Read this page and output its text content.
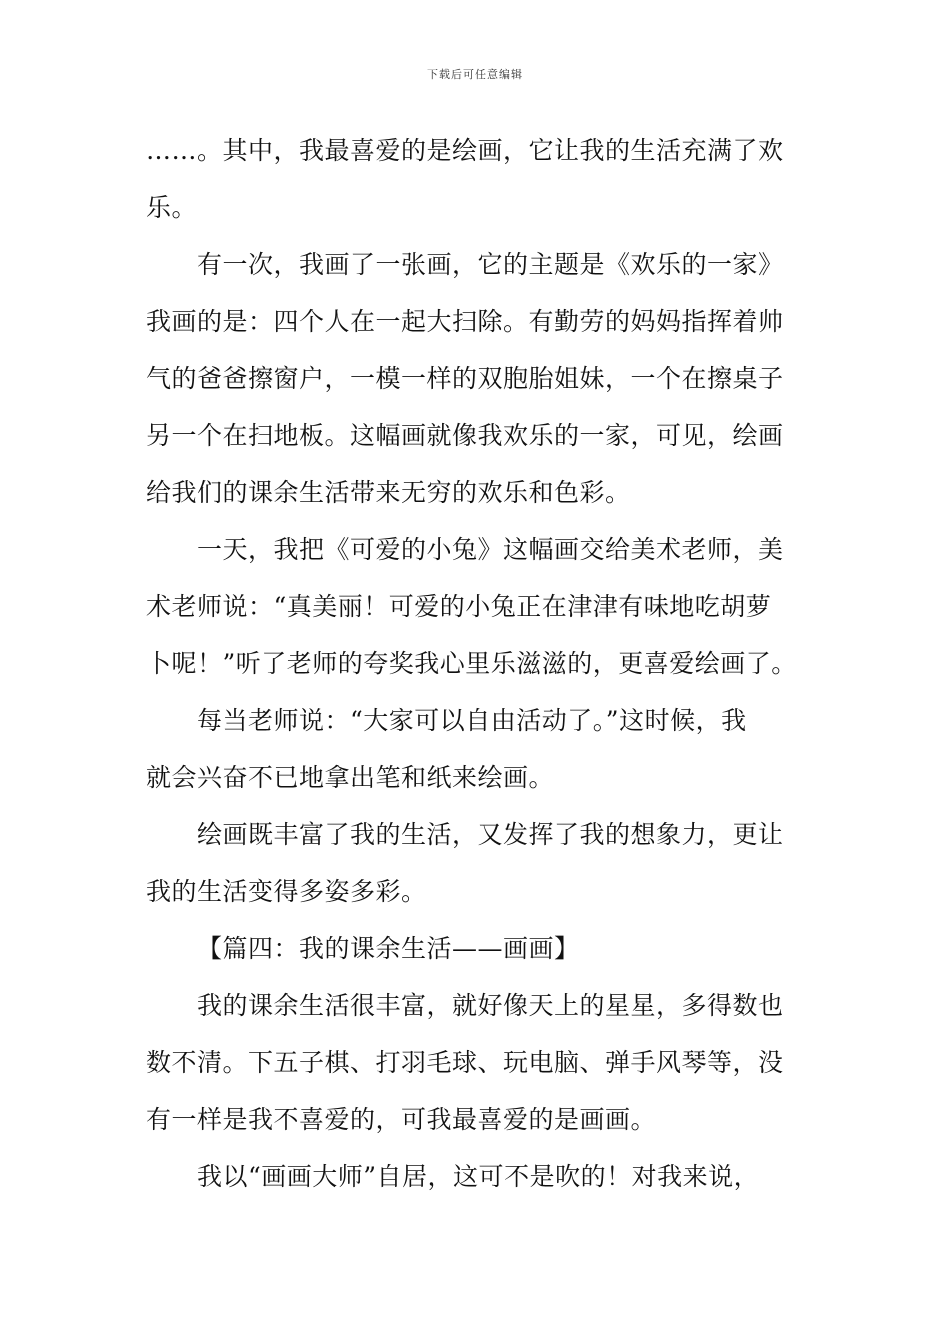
下载后可任意编辑

……。其中，我最喜爱的是绘画，它让我的生活充满了欢

乐。

有一次，我画了一张画，它的主题是《欢乐的一家》

我画的是：四个人在一起大扫除。有勤劳的妈妈指挥着帅

气的爸爸擦窗户，一模一样的双胞胎姐妹，一个在擦桌子

另一个在扫地板。这幅画就像我欢乐的一家，可见，绘画

给我们的课余生活带来无穷的欢乐和色彩。

一天，我把《可爱的小兔》这幅画交给美术老师，美

术老师说：“真美丽！可爱的小兔正在津津有味地吃胡萝

卜呢！”听了老师的夸奖我心里乐滋滋的，更喜爱绘画了。

每当老师说：“大家可以自由活动了。”这时候，我

就会兴奋不已地拿出笔和纸来绘画。

绘画既丰富了我的生活，又发挥了我的想象力，更让

我的生活变得多姿多彩。

【篇四：我的课余生活——画画】

我的课余生活很丰富，就好像天上的星星，多得数也

数不清。下五子棋、打羽毛球、玩电脑、弹手风琴等，没

有一样是我不喜爱的，可我最喜爱的是画画。

我以“画画大师”自居，这可不是吹的！对我来说，
